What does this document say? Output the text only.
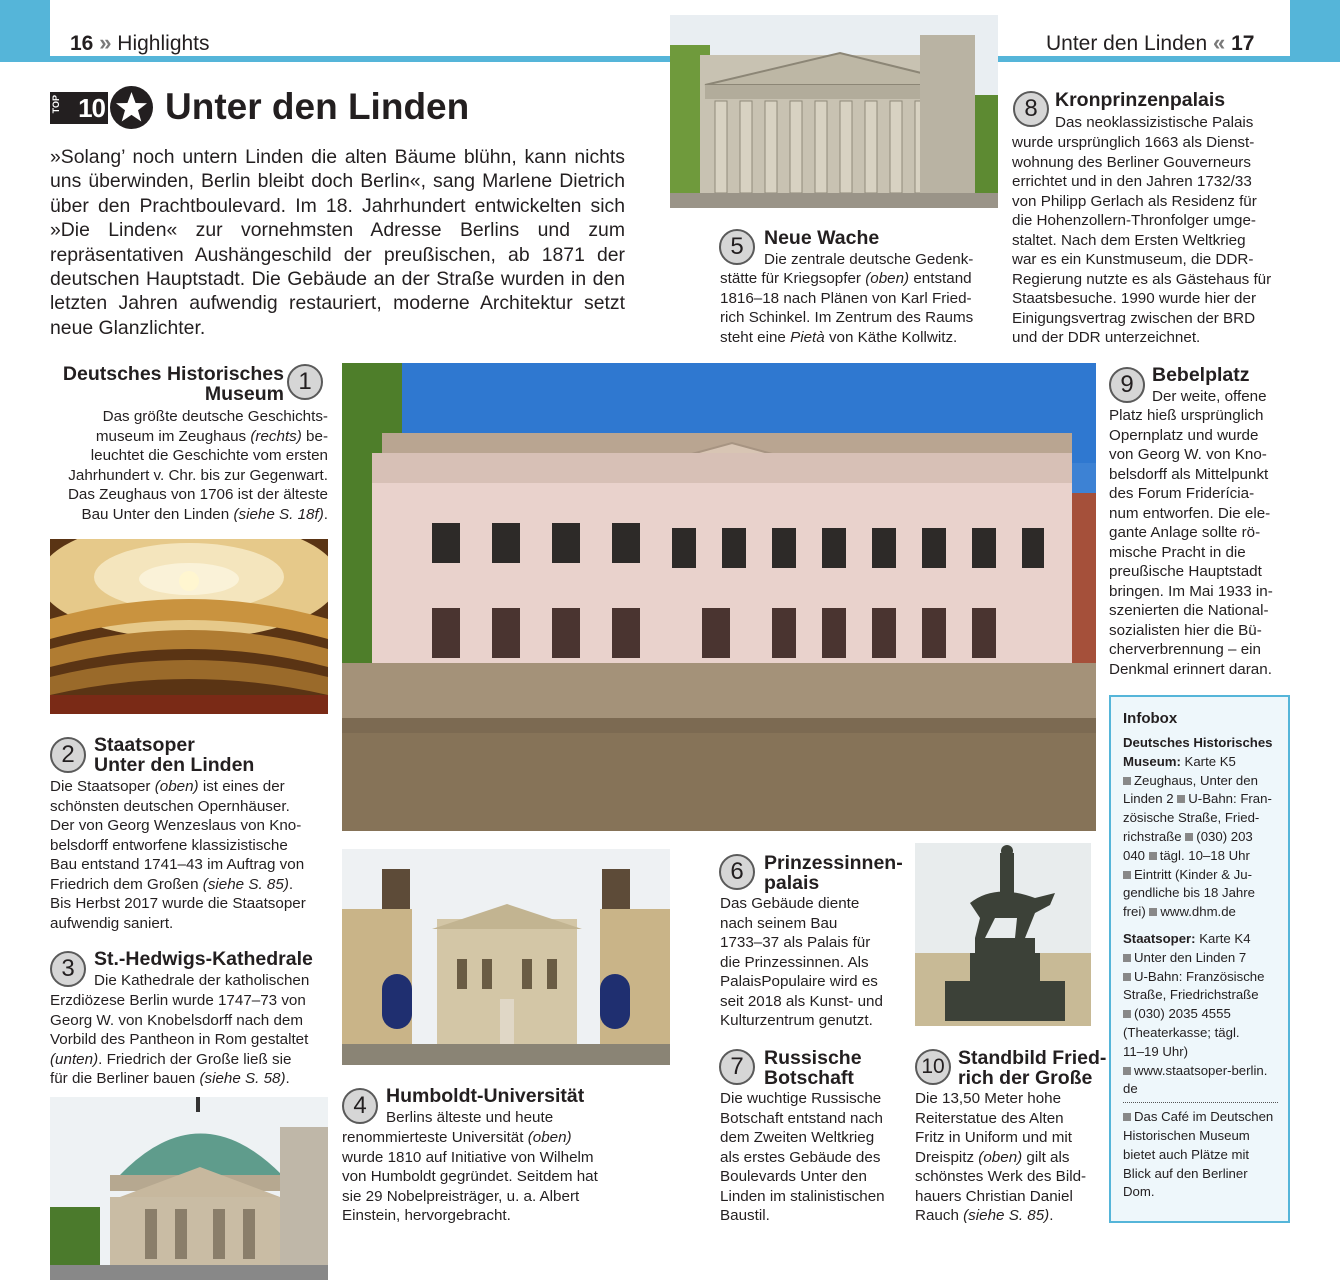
16 » Highlights	Unter den Linden « 17
TOP 10 Unter den Linden
»Solang’ noch untern Linden die alten Bäume blühn, kann nichts uns überwinden, Berlin bleibt doch Berlin«, sang Marlene Dietrich über den Prachtboulevard. Im 18. Jahrhundert entwickelten sich »Die Linden« zur vornehmsten Adresse Berlins und zum repräsentativen Aushängeschild der preußischen, ab 1871 der deutschen Hauptstadt. Die Gebäude an der Straße wurden in den letzten Jahren aufwendig restauriert, moderne Architektur setzt neue Glanzlichter.
5	Neue Wache
Die zentrale deutsche Gedenk-
stätte für Kriegsopfer (oben) entstand
1816–18 nach Plänen von Karl Fried-
rich Schinkel. Im Zentrum des Raums
steht eine Pietà von Käthe Kollwitz.
8 Kronprinzenpalais
Das neoklassizistische Palais
wurde ursprünglich 1663 als Dienst-
wohnung des Berliner Gouverneurs
errichtet und in den Jahren 1732/33
von Philipp Gerlach als Residenz für
die Hohenzollern-Thronfolger umge-
staltet. Nach dem Ersten Weltkrieg
war es ein Kunstmuseum, die DDR-
Regierung nutzte es als Gästehaus für
Staatsbesuche. 1990 wurde hier der
Einigungsvertrag zwischen der BRD
und der DDR unterzeichnet.
Deutsches Historisches
Museum 1
Das größte deutsche Geschichts-
museum im Zeughaus (rechts) be-
leuchtet die Geschichte vom ersten
Jahrhundert v. Chr. bis zur Gegenwart.
Das Zeughaus von 1706 ist der älteste
Bau Unter den Linden (siehe S. 18f).
2 Staatsoper
Unter den Linden
Die Staatsoper (oben) ist eines der
schönsten deutschen Opernhäuser.
Der von Georg Wenzeslaus von Kno-
belsdorff entworfene klassizistische
Bau entstand 1741–43 im Auftrag von
Friedrich dem Großen (siehe S. 85).
Bis Herbst 2017 wurde die Staatsoper
aufwendig saniert.
3 St.-Hedwigs-Kathedrale
Die Kathedrale der katholischen
Erzdiözese Berlin wurde 1747–73 von
Georg W. von Knobelsdorff nach dem
Vorbild des Pantheon in Rom gestaltet
(unten). Friedrich der Große ließ sie
für die Berliner bauen (siehe S. 58).
4 Humboldt-Universität
Berlins älteste und heute
renommierteste Universität (oben)
wurde 1810 auf Initiative von Wilhelm
von Humboldt gegründet. Seitdem hat
sie 29 Nobelpreisträger, u. a. Albert
Einstein, hervorgebracht.
6	Prinzessinnen-
palais
Das Gebäude diente
nach seinem Bau
1733–37 als Palais für
die Prinzessinnen. Als
PalaisPopulaire wird es
seit 2018 als Kunst- und
Kulturzentrum genutzt.
7	Russische
Botschaft
Die wuchtige Russische
Botschaft entstand nach
dem Zweiten Weltkrieg
als erstes Gebäude des
Boulevards Unter den
Linden im stalinistischen
Baustil.
10 Standbild Fried-
rich der Große
Die 13,50 Meter hohe
Reiterstatue des Alten
Fritz in Uniform und mit
Dreispitz (oben) gilt als
schönstes Werk des Bild-
hauers Christian Daniel
Rauch (siehe S. 85).
9 Bebelplatz
Der weite, offene
Platz hieß ursprünglich
Opernplatz und wurde
von Georg W. von Kno-
belsdorff als Mittelpunkt
des Forum Friderícia-
num entworfen. Die ele-
gante Anlage sollte rö-
mische Pracht in die
preußische Hauptstadt
bringen. Im Mai 1933 in-
szenierten die National-
sozialisten hier die Bü-
cherverbrennung – ein
Denkmal erinnert daran.
Infobox
Deutsches Historisches
Museum: Karte K5
Zeughaus, Unter den
Linden 2 U-Bahn: Fran-
zösische Straße, Fried-
richstraße (030) 203
040 tägl. 10–18 Uhr
Eintritt (Kinder & Ju-
gendliche bis 18 Jahre
frei) www.dhm.de
Staatsoper: Karte K4
Unter den Linden 7
U-Bahn: Französische
Straße, Friedrichstraße
(030) 2035 4555
(Theaterkasse; tägl.
11–19 Uhr)
www.staatsoper-berlin.
de
Das Café im Deutschen
Historischen Museum
bietet auch Plätze mit
Blick auf den Berliner
Dom.
